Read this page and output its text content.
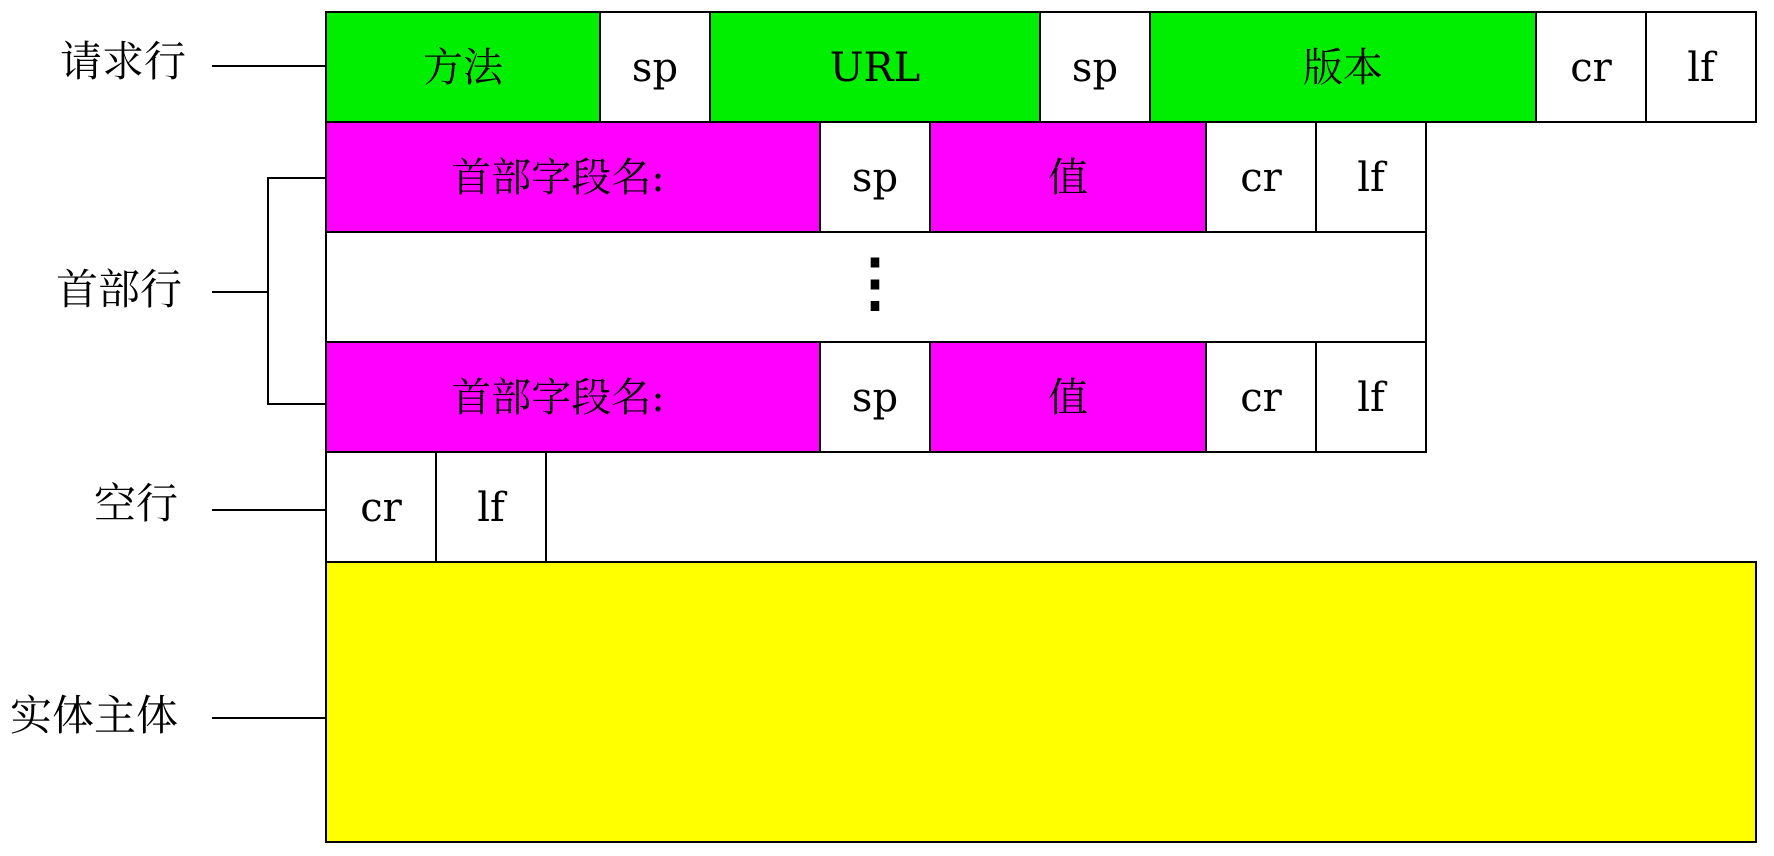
请求行
首部行
空行
实体主体
方法	sp	URL	sp	版本	cr lf
首部字段名:	sp	值	cr lf
⋮
首部字段名:	sp	值	cr lf
cr lf
